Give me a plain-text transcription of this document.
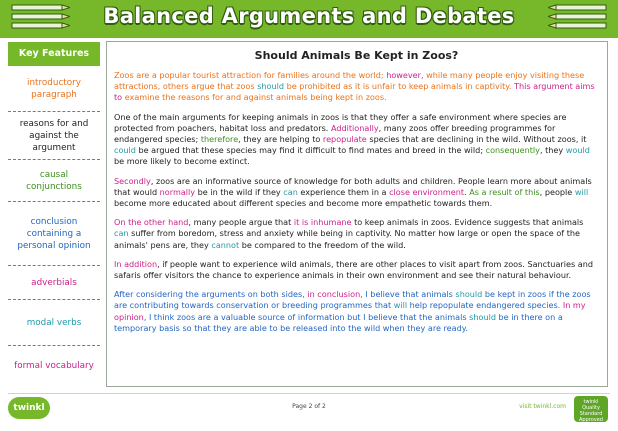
Balanced Arguments and Debates
Key Features
introductory paragraph
reasons for and against the argument
causal conjunctions
conclusion containing a personal opinion
adverbials
modal verbs
formal vocabulary
Should Animals Be Kept in Zoos?

Zoos are a popular tourist attraction for families around the world; however, while many people enjoy visiting these attractions, others argue that zoos should be prohibited as it is unfair to keep animals in captivity. This argument aims to examine the reasons for and against animals being kept in zoos.

One of the main arguments for keeping animals in zoos is that they offer a safe environment where species are protected from poachers, habitat loss and predators. Additionally, many zoos offer breeding programmes for endangered species; therefore, they are helping to repopulate species that are declining in the wild. Without zoos, it could be argued that these species may find it difficult to find mates and breed in the wild; consequently, they would be more likely to become extinct.

Secondly, zoos are an informative source of knowledge for both adults and children. People learn more about animals that would normally be in the wild if they can experience them in a close environment. As a result of this, people will become more educated about different species and become more empathetic towards them.

On the other hand, many people argue that it is inhumane to keep animals in zoos. Evidence suggests that animals can suffer from boredom, stress and anxiety while being in captivity. No matter how large or open the space of the animals' pens are, they cannot be compared to the freedom of the wild.

In addition, if people want to experience wild animals, there are other places to visit apart from zoos. Sanctuaries and safaris offer visitors the chance to experience animals in their own environment and see their natural behaviour.

After considering the arguments on both sides, in conclusion, I believe that animals should be kept in zoos if the zoos are contributing towards conservation or breeding programmes that will help repopulate endangered species. In my opinion, I think zoos are a valuable source of information but I believe that the animals should be in there on a temporary basis so that they are able to be released into the wild when they are ready.

twinkl	Page 2 of 2	visit twinkl.com
twinkl Quality Standard Approved
